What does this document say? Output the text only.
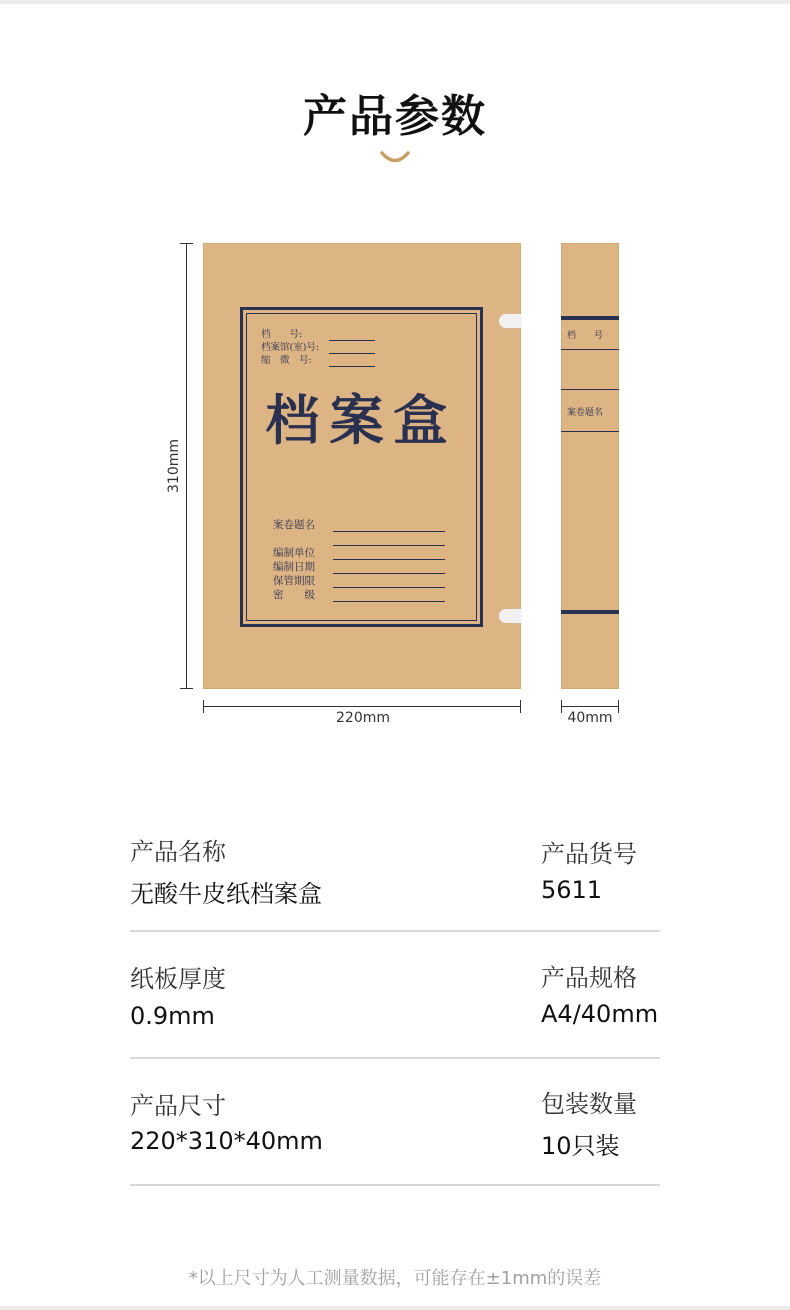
产品参数
310mm
档　　号:
档案馆(室)号:
缩　微　号:
档案盒
案卷题名
编制单位
编制日期
保管期限
密　　级
档　　号
案卷题名
220mm	40mm
产品名称
无酸牛皮纸档案盒
产品货号
5611
纸板厚度
0.9mm
产品规格
A4/40mm
产品尺寸
220*310*40mm
包装数量
10只装
*以上尺寸为人工测量数据，可能存在±1mm的误差
